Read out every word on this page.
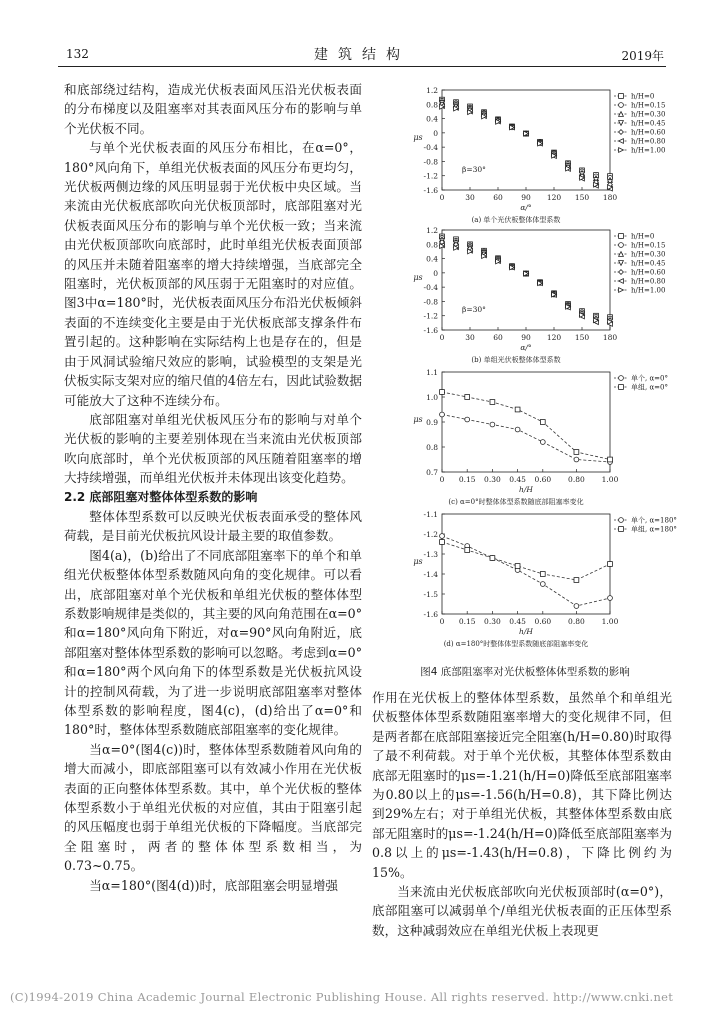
132	建筑结构	2019年

和底部绕过结构，造成光伏板表面风压沿光伏板表面的分布梯度以及阻塞率对其表面风压分布的影响与单个光伏板不同。

与单个光伏板表面的风压分布相比，在α=0°，180°风向角下，单组光伏板表面的风压分布更均匀，光伏板两侧边缘的风压明显弱于光伏板中央区域。当来流由光伏板底部吹向光伏板顶部时，底部阻塞对光伏板表面风压分布的影响与单个光伏板一致；当来流由光伏板顶部吹向底部时，此时单组光伏板表面顶部的风压并未随着阻塞率的增大持续增强，当底部完全阻塞时，光伏板顶部的风压弱于无阻塞时的对应值。图3中α=180°时，光伏板表面风压分布沿光伏板倾斜表面的不连续变化主要是由于光伏板底部支撑条件布置引起的。这种影响在实际结构上也是存在的，但是由于风洞试验缩尺效应的影响，试验模型的支架是光伏板实际支架对应的缩尺值的4倍左右，因此试验数据可能放大了这种不连续分布。

底部阻塞对单组光伏板风压分布的影响与对单个光伏板的影响的主要差别体现在当来流由光伏板顶部吹向底部时，单个光伏板顶部的风压随着阻塞率的增大持续增强，而单组光伏板并未体现出该变化趋势。

2.2 底部阻塞对整体体型系数的影响

整体体型系数可以反映光伏板表面承受的整体风荷载，是目前光伏板抗风设计最主要的取值参数。

图4(a)，(b)给出了不同底部阻塞率下的单个和单组光伏板整体体型系数随风向角的变化规律。可以看出，底部阻塞对单个光伏板和单组光伏板的整体体型系数影响规律是类似的，其主要的风向角范围在α=0°和α=180°风向角下附近，对α=90°风向角附近，底部阻塞对整体体型系数的影响可以忽略。考虑到α=0°和α=180°两个风向角下的体型系数是光伏板抗风设计的控制风荷载，为了进一步说明底部阻塞率对整体体型系数的影响程度，图4(c)，(d)给出了α=0°和180°时，整体体型系数随底部阻塞率的变化规律。

当α=0°(图4(c))时，整体体型系数随着风向角的增大而减小，即底部阻塞可以有效减小作用在光伏板表面的正向整体体型系数。其中，单个光伏板的整体体型系数小于单组光伏板的对应值，其由于阻塞引起的风压幅度也弱于单组光伏板的下降幅度。当底部完全阻塞时，两者的整体体型系数相当，为0.73~0.75。

当α=180°(图4(d))时，底部阻塞会明显增强

1.2
0.8
0.4
0
-0.4
-0.8
-1.2
-1.6
0	30 60 90 120 150 180
α/°
μs
(a) 单个光伏板整体体型系数
β=30°
h/H=0
h/H=0.15
h/H=0.30
h/H=0.45
h/H=0.60
h/H=0.80
h/H=1.00
1.2
0.8
0.4
0
-0.4
-0.8
-1.2
-1.6
0	30 60 90 120 150 180
α/°
μs
(b) 单组光伏板整体体型系数
β=30°
h/H=0
h/H=0.15
h/H=0.30
h/H=0.45
h/H=0.60
h/H=0.80
h/H=1.00
1.1
1.0
0.9
0.8
0.7
0 0.15 0.30 0.45 0.60 0.80 1.00
h/H
μs
(c) α=0°时整体体型系数随底部阻塞率变化
单个, α=0°
单组, α=0°
-1.1
-1.2
-1.3
-1.4
-1.5
-1.6
0 0.15 0.30 0.45 0.60 0.80 1.00
h/H
μs
(d) α=180°时整体体型系数随底部阻塞率变化
单个, α=180°
单组, α=180°
图4 底部阻塞率对光伏板整体体型系数的影响

作用在光伏板上的整体体型系数，虽然单个和单组光伏板整体体型系数随阻塞率增大的变化规律不同，但是两者都在底部阻塞接近完全阻塞(h/H=0.80)时取得了最不利荷载。对于单个光伏板，其整体体型系数由底部无阻塞时的μs=-1.21(h/H=0)降低至底部阻塞率为0.80以上的μs=-1.56(h/H=0.8)，其下降比例达到29%左右；对于单组光伏板，其整体体型系数由底部无阻塞时的μs=-1.24(h/H=0)降低至底部阻塞率为0.8以上的μs=-1.43(h/H=0.8)，下降比例约为15%。

当来流由光伏板底部吹向光伏板顶部时(α=0°)，底部阻塞可以减弱单个/单组光伏板表面的正压体型系数，这种减弱效应在单组光伏板上表现更

(C)1994-2019 China Academic Journal Electronic Publishing House. All rights reserved. http://www.cnki.net
